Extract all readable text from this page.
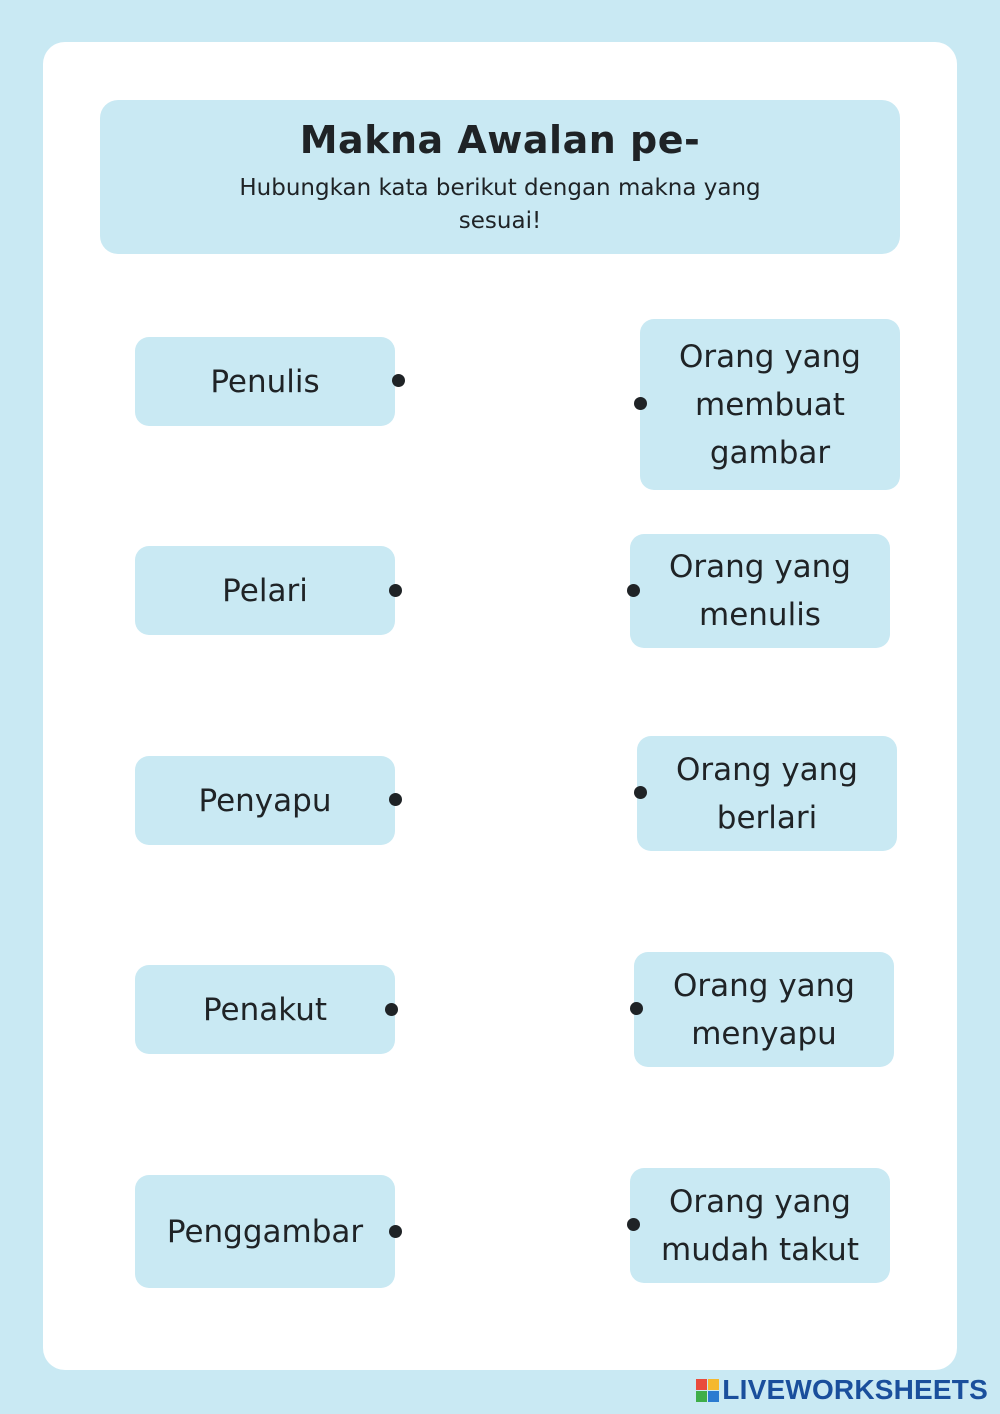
Makna Awalan pe-
Hubungkan kata berikut dengan makna yang sesuai!
Penulis
Pelari
Penyapu
Penakut
Penggambar
Orang yang membuat gambar
Orang yang menulis
Orang yang berlari
Orang yang menyapu
Orang yang mudah takut
LIVEWORKSHEETS
